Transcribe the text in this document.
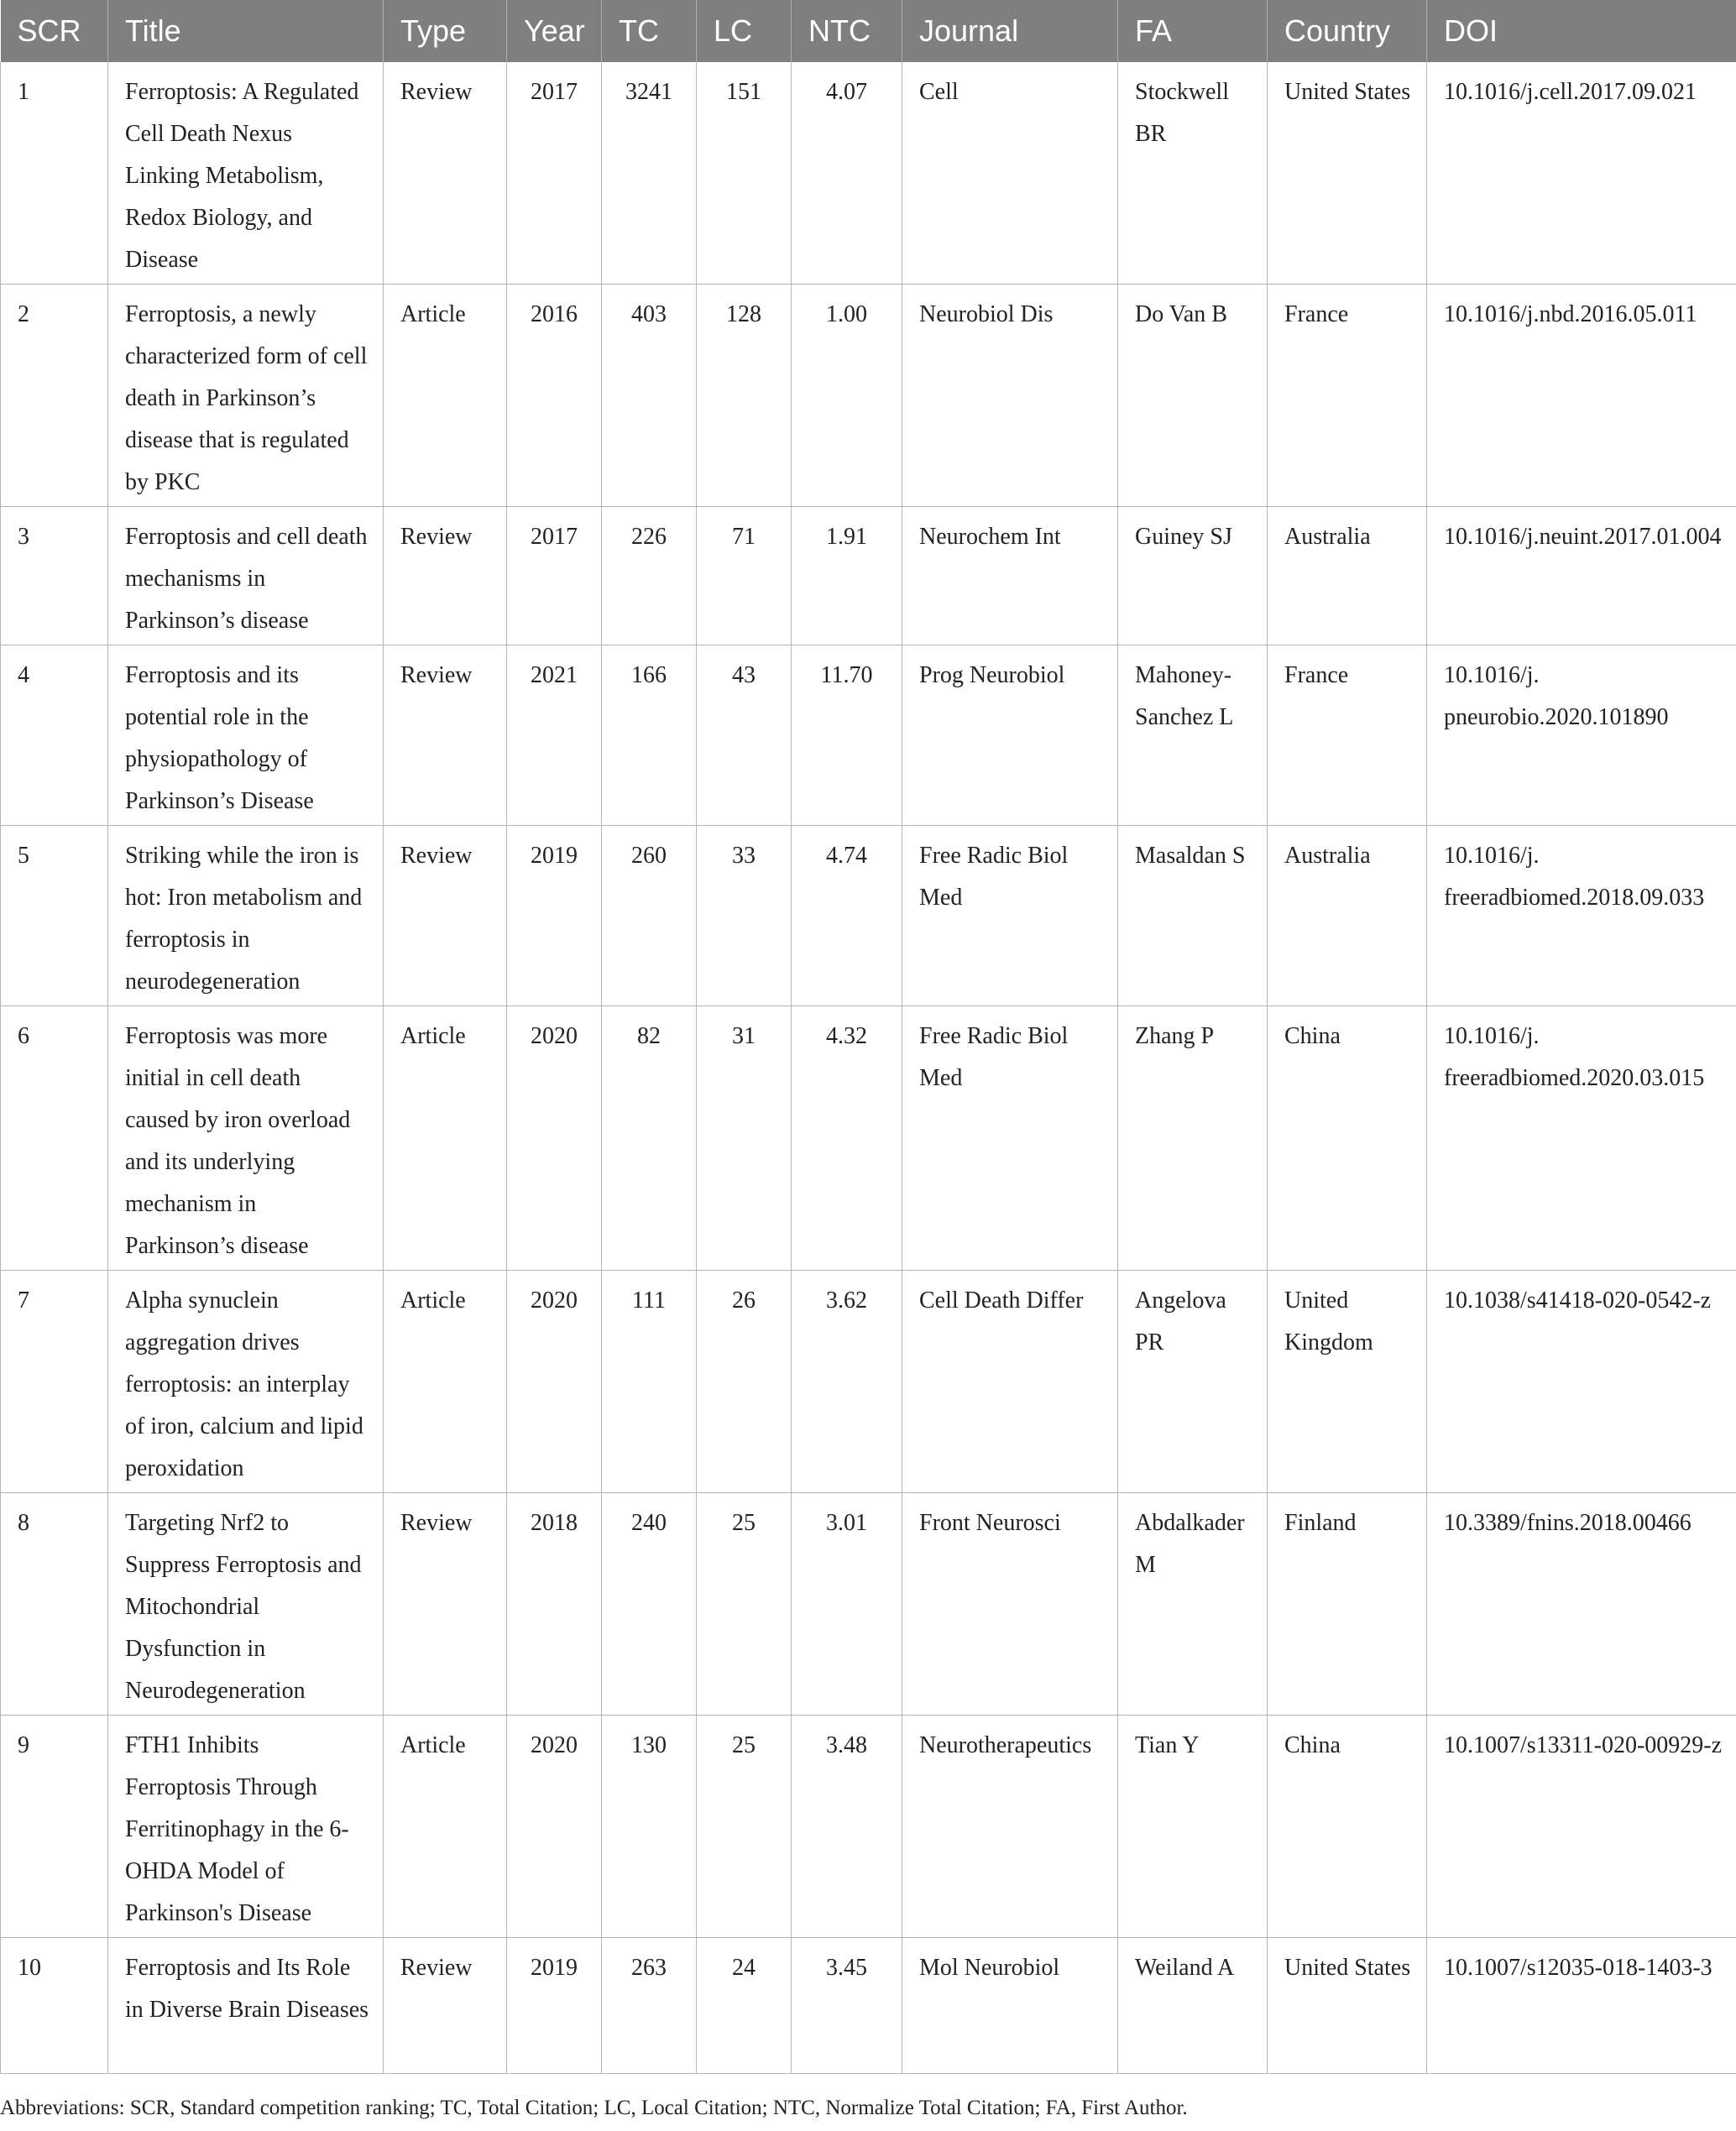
SCR	Title	Type	Year	TC	LC	NTC	Journal	FA	Country	DOI
1	Ferroptosis: A Regulated Cell Death Nexus Linking Metabolism, Redox Biology, and Disease	Review	2017	3241	151	4.07	Cell	Stockwell BR	United States	10.1016/j.cell.2017.09.021
2	Ferroptosis, a newly characterized form of cell death in Parkinson’s disease that is regulated by PKC	Article	2016	403	128	1.00	Neurobiol Dis	Do Van B	France	10.1016/j.nbd.2016.05.011
3	Ferroptosis and cell death mechanisms in Parkinson’s disease	Review	2017	226	71	1.91	Neurochem Int	Guiney SJ	Australia	10.1016/j.​neuint.2017.01.004
4	Ferroptosis and its potential role in the physiopathology of Parkinson’s Disease	Review	2021	166	43	11.70	Prog Neurobiol	Mahoney-Sanchez L	France	10.1016/j.​pneurobio.2020.101890
5	Striking while the iron is hot: Iron metabolism and ferroptosis in neurodegeneration	Review	2019	260	33	4.74	Free Radic Biol Med	Masaldan S	Australia	10.1016/j.​freeradbiomed.2018.09.033
6	Ferroptosis was more initial in cell death caused by iron overload and its underlying mechanism in Parkinson’s disease	Article	2020	82	31	4.32	Free Radic Biol Med	Zhang P	China	10.1016/j.​freeradbiomed.2020.03.015
7	Alpha synuclein aggregation drives ferroptosis: an interplay of iron, calcium and lipid peroxidation	Article	2020	111	26	3.62	Cell Death Differ	Angelova PR	United Kingdom	10.1038/s41418-020-0542-z
8	Targeting Nrf2 to Suppress Ferroptosis and Mitochondrial Dysfunction in Neurodegeneration	Review	2018	240	25	3.01	Front Neurosci	Abdalkader M	Finland	10.3389/fnins.2018.00466
9	FTH1 Inhibits Ferroptosis Through Ferritinophagy in the 6-OHDA Model of Parkinson's Disease	Article	2020	130	25	3.48	Neurotherapeutics	Tian Y	China	10.1007/s13311-020-​00929-z
10	Ferroptosis and Its Role in Diverse Brain Diseases	Review	2019	263	24	3.45	Mol Neurobiol	Weiland A	United States	10.1007/s12035-018-1403-3
Abbreviations: SCR, Standard competition ranking; TC, Total Citation; LC, Local Citation; NTC, Normalize Total Citation; FA, First Author.
